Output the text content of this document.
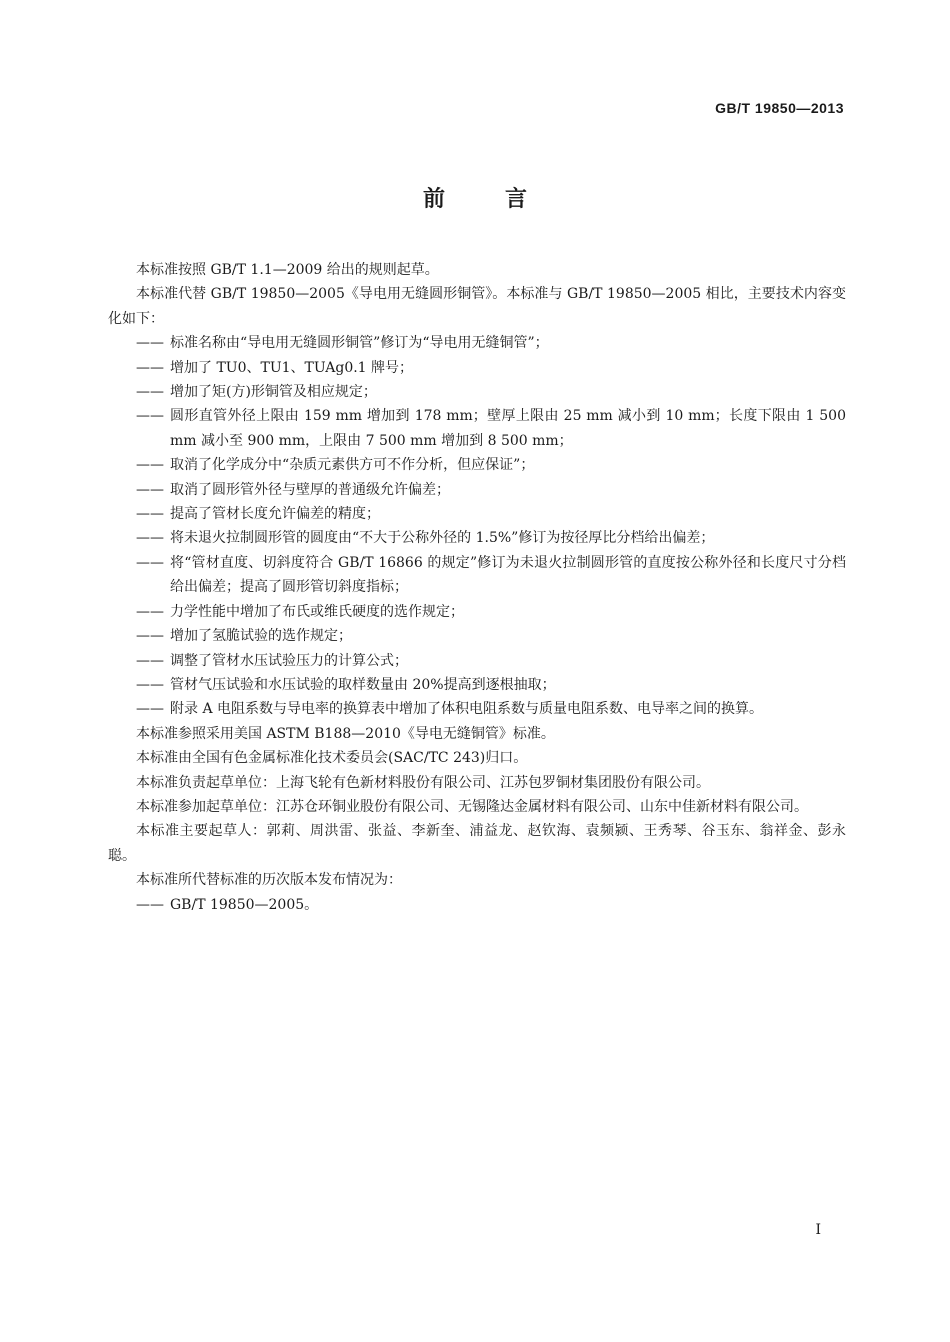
GB/T 19850—2013
前言

本标准按照 GB/T 1.1—2009 给出的规则起草。

本标准代替 GB/T 19850—2005《导电用无缝圆形铜管》。本标准与 GB/T 19850—2005 相比，主要技术内容变化如下：

—— 标准名称由“导电用无缝圆形铜管”修订为“导电用无缝铜管”；
—— 增加了 TU0、TU1、TUAg0.1 牌号；
—— 增加了矩(方)形铜管及相应规定；
—— 圆形直管外径上限由 159 mm 增加到 178 mm；壁厚上限由 25 mm 减小到 10 mm；长度下限由 1 500 mm 减小至 900 mm，上限由 7 500 mm 增加到 8 500 mm；
—— 取消了化学成分中“杂质元素供方可不作分析，但应保证”；
—— 取消了圆形管外径与壁厚的普通级允许偏差；
—— 提高了管材长度允许偏差的精度；
—— 将未退火拉制圆形管的圆度由“不大于公称外径的 1.5%”修订为按径厚比分档给出偏差；
—— 将“管材直度、切斜度符合 GB/T 16866 的规定”修订为未退火拉制圆形管的直度按公称外径和长度尺寸分档给出偏差；提高了圆形管切斜度指标；
—— 力学性能中增加了布氏或维氏硬度的选作规定；
—— 增加了氢脆试验的选作规定；
—— 调整了管材水压试验压力的计算公式；
—— 管材气压试验和水压试验的取样数量由 20%提高到逐根抽取；
—— 附录 A 电阻系数与导电率的换算表中增加了体积电阻系数与质量电阻系数、电导率之间的换算。

本标准参照采用美国 ASTM B188—2010《导电无缝铜管》标准。

本标准由全国有色金属标准化技术委员会(SAC/TC 243)归口。

本标准负责起草单位：上海飞轮有色新材料股份有限公司、江苏包罗铜材集团股份有限公司。

本标准参加起草单位：江苏仓环铜业股份有限公司、无锡隆达金属材料有限公司、山东中佳新材料有限公司。

本标准主要起草人：郭莉、周洪雷、张益、李新奎、浦益龙、赵钦海、袁频颍、王秀琴、谷玉东、翁祥金、彭永聪。

本标准所代替标准的历次版本发布情况为：

—— GB/T 19850—2005。
I
